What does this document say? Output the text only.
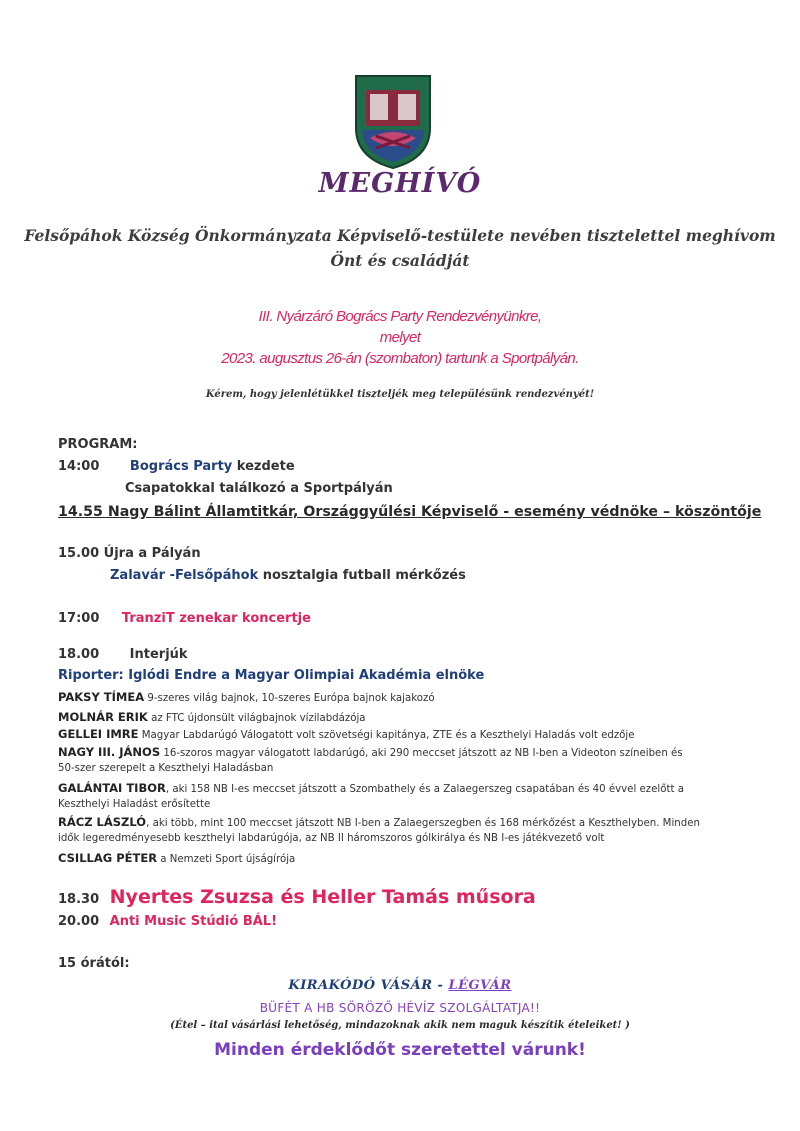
MEGHÍVÓ
Felsőpáhok Község Önkormányzata Képviselő-testülete nevében tisztelettel meghívom
Önt és családját
III. Nyárzáró Bogrács Party Rendezvényünkre,
melyet
2023. augusztus 26-án (szombaton) tartunk a Sportpályán.
Kérem, hogy jelenlétükkel tiszteljék meg településünk rendezvényét!
PROGRAM:
14:00 Bogrács Party kezdete
Csapatokkal találkozó a Sportpályán
14.55 Nagy Bálint Államtitkár, Országgyűlési Képviselő - esemény védnöke – köszöntője
15.00 Újra a Pályán
Zalavár -Felsőpáhok nosztalgia futball mérkőzés
17:00 TranziT zenekar koncertje
18.00 Interjúk
Riporter: Iglódi Endre a Magyar Olimpiai Akadémia elnöke
PAKSY TÍMEA 9-szeres világ bajnok, 10-szeres Európa bajnok kajakozó
MOLNÁR ERIK az FTC újdonsült világbajnok vízilabdázója
GELLEI IMRE Magyar Labdarúgó Válogatott volt szövetségi kapitánya, ZTE és a Keszthelyi Haladás volt edzője
NAGY III. JÁNOS 16-szoros magyar válogatott labdarúgó, aki 290 meccset játszott az NB I-ben a Videoton színeiben és
50-szer szerepelt a Keszthelyi Haladásban
GALÁNTAI TIBOR, aki 158 NB I-es meccset játszott a Szombathely és a Zalaegerszeg csapatában és 40 évvel ezelőtt a
Keszthelyi Haladást erősítette
RÁCZ LÁSZLÓ, aki több, mint 100 meccset játszott NB I-ben a Zalaegerszegben és 168 mérkőzést a Keszthelyben. Minden
idők legeredményesebb keszthelyi labdarúgója, az NB II háromszoros gólkirálya és NB I-es játékvezető volt
CSILLAG PÉTER a Nemzeti Sport újságírója
18.30 Nyertes Zsuzsa és Heller Tamás műsora
20.00 Anti Music Stúdió BÁL!
15 órától:
KIRAKÓDÓ VÁSÁR - LÉGVÁR
BÜFÉT A HB SÖRÖZŐ HÉVÍZ SZOLGÁLTATJA!!
(Étel – ital vásárlási lehetőség, mindazoknak akik nem maguk készítik ételeiket! )
Minden érdeklődőt szeretettel várunk!
